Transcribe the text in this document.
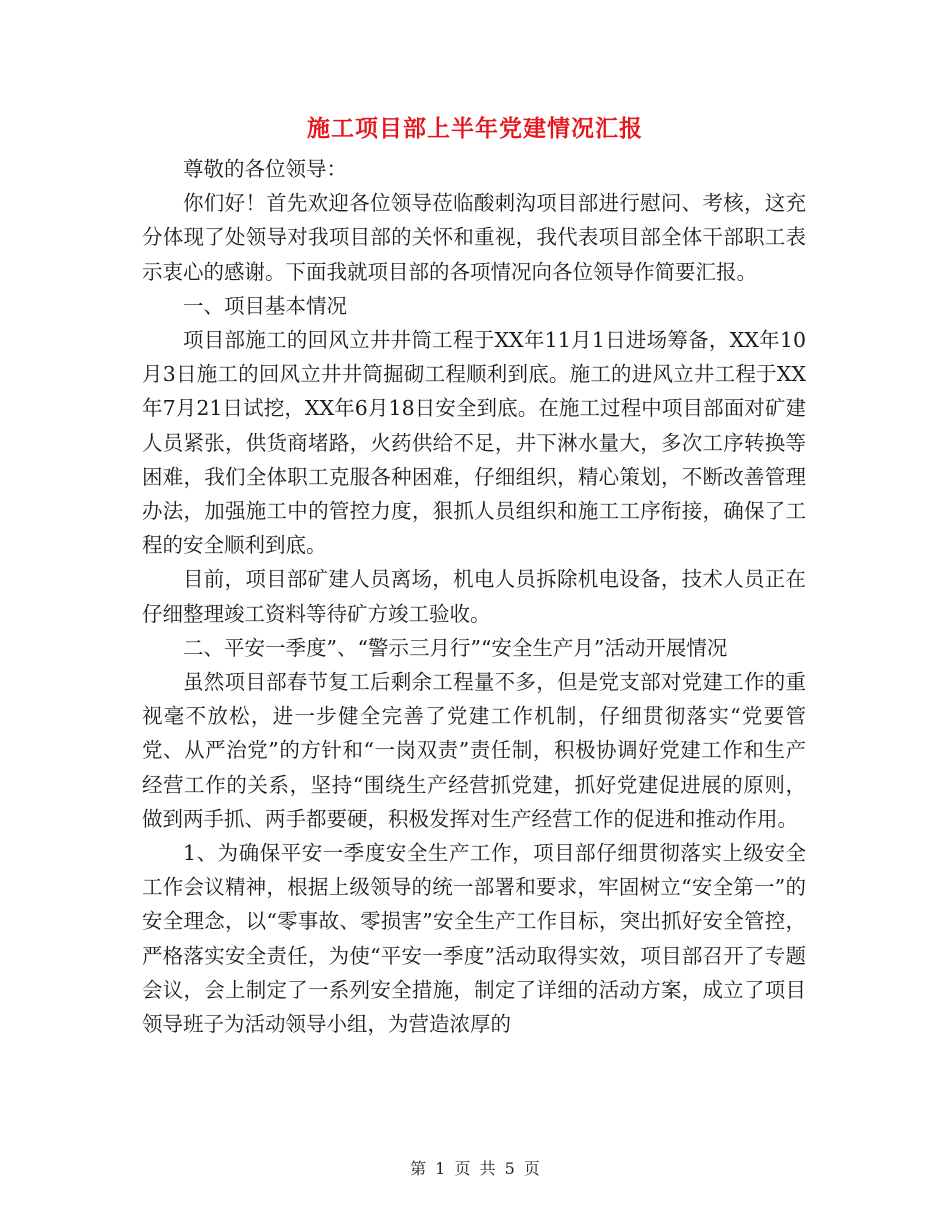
施工项目部上半年党建情况汇报

尊敬的各位领导：

你们好！首先欢迎各位领导莅临酸刺沟项目部进行慰问、考核，这充分体现了处领导对我项目部的关怀和重视，我代表项目部全体干部职工表示衷心的感谢。下面我就项目部的各项情况向各位领导作简要汇报。

一、项目基本情况

项目部施工的回风立井井筒工程于XX年11月1日进场筹备，XX年10月3日施工的回风立井井筒掘砌工程顺利到底。施工的进风立井工程于XX年7月21日试挖，XX年6月18日安全到底。在施工过程中项目部面对矿建人员紧张，供货商堵路，火药供给不足，井下淋水量大，多次工序转换等困难，我们全体职工克服各种困难，仔细组织，精心策划，不断改善管理办法，加强施工中的管控力度，狠抓人员组织和施工工序衔接，确保了工程的安全顺利到底。

目前，项目部矿建人员离场，机电人员拆除机电设备，技术人员正在仔细整理竣工资料等待矿方竣工验收。

二、平安一季度”、“警示三月行”“安全生产月”活动开展情况

虽然项目部春节复工后剩余工程量不多，但是党支部对党建工作的重视毫不放松，进一步健全完善了党建工作机制，仔细贯彻落实“党要管党、从严治党”的方针和“一岗双责”责任制，积极协调好党建工作和生产经营工作的关系，坚持“围绕生产经营抓党建，抓好党建促进展的原则，做到两手抓、两手都要硬，积极发挥对生产经营工作的促进和推动作用。

1、为确保平安一季度安全生产工作，项目部仔细贯彻落实上级安全工作会议精神，根据上级领导的统一部署和要求，牢固树立“安全第一”的安全理念，以“零事故、零损害”安全生产工作目标，突出抓好安全管控，严格落实安全责任，为使“平安一季度”活动取得实效，项目部召开了专题会议，会上制定了一系列安全措施，制定了详细的活动方案，成立了项目领导班子为活动领导小组，为营造浓厚的

第 1 页 共 5 页
